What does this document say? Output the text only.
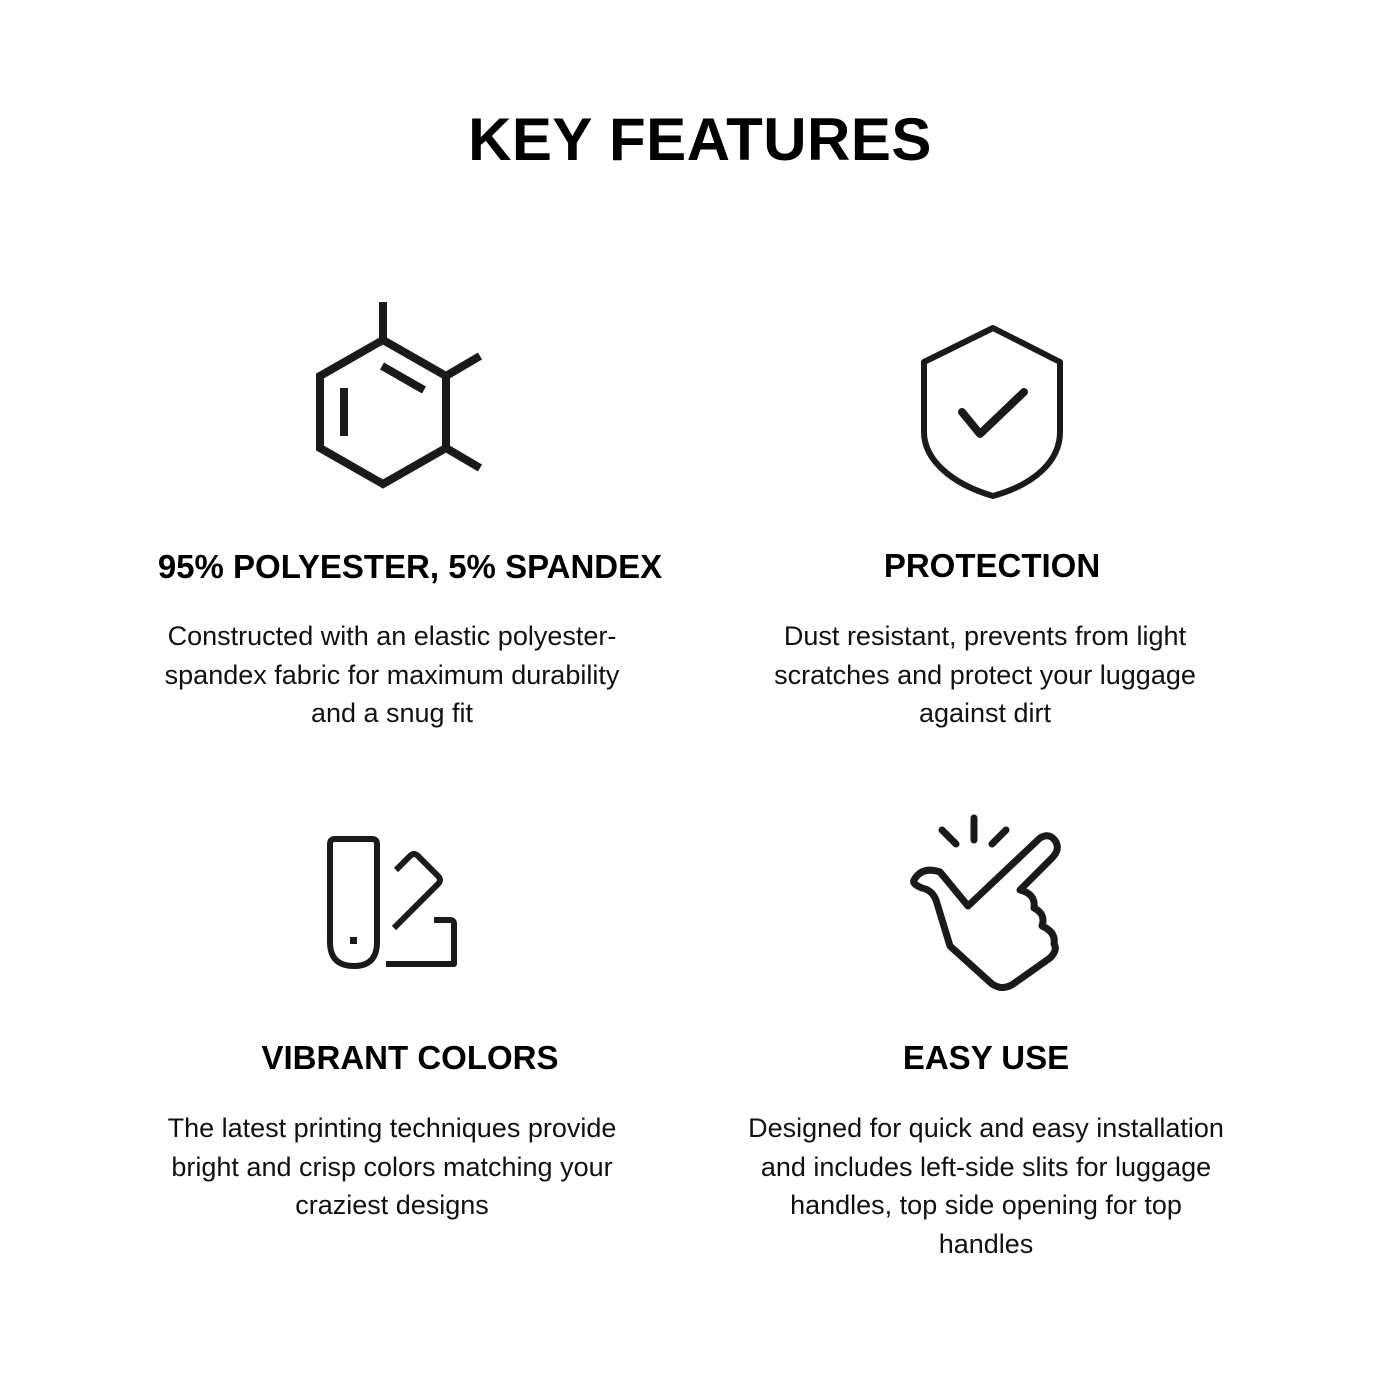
KEY FEATURES
95% POLYESTER, 5% SPANDEX
Constructed with an elastic polyester-spandex fabric for maximum durability and a snug fit
PROTECTION
Dust resistant, prevents from light scratches and protect your luggage against dirt
VIBRANT COLORS
The latest printing techniques provide bright and crisp colors matching your craziest designs
EASY USE
Designed for quick and easy installation and includes left-side slits for luggage handles, top side opening for top handles
